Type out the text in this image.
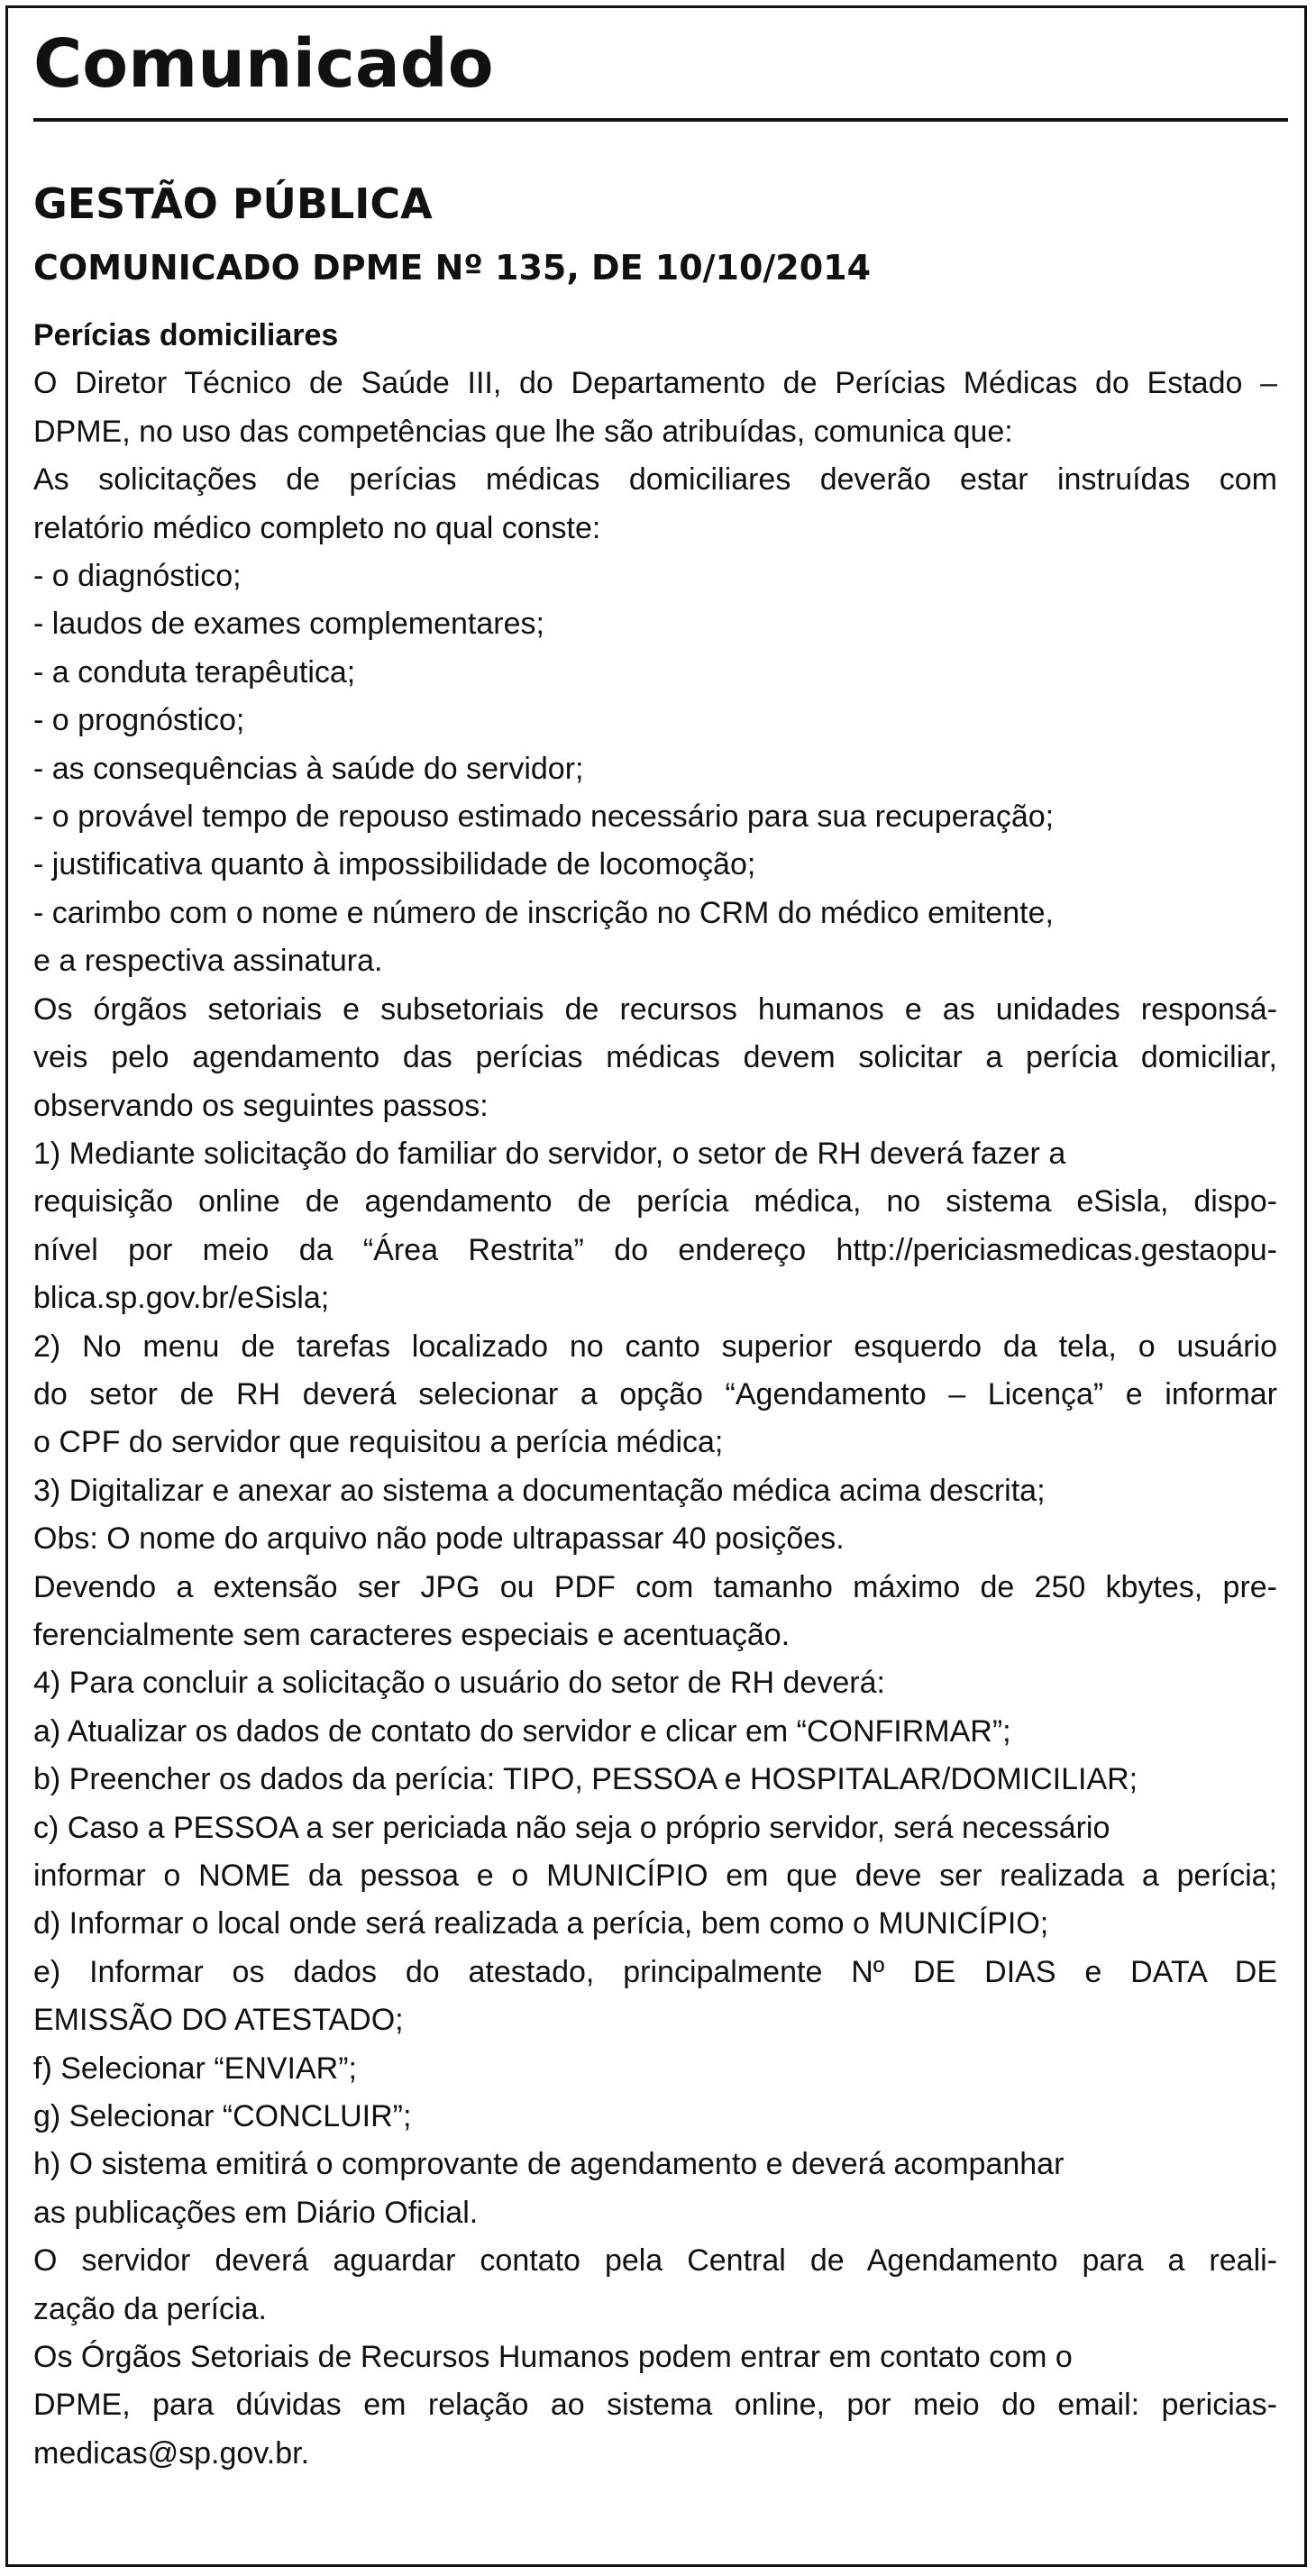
Comunicado
GESTÃO PÚBLICA
COMUNICADO DPME Nº 135, DE 10/10/2014
Perícias domiciliares
O Diretor Técnico de Saúde III, do Departamento de Perícias Médicas do Estado –
DPME, no uso das competências que lhe são atribuídas, comunica que:
As solicitações de perícias médicas domiciliares deverão estar instruídas com
relatório médico completo no qual conste:
- o diagnóstico;
- laudos de exames complementares;
- a conduta terapêutica;
- o prognóstico;
- as consequências à saúde do servidor;
- o provável tempo de repouso estimado necessário para sua recuperação;
- justificativa quanto à impossibilidade de locomoção;
- carimbo com o nome e número de inscrição no CRM do médico emitente,
e a respectiva assinatura.
Os órgãos setoriais e subsetoriais de recursos humanos e as unidades responsá-
veis pelo agendamento das perícias médicas devem solicitar a perícia domiciliar,
observando os seguintes passos:
1) Mediante solicitação do familiar do servidor, o setor de RH deverá fazer a
requisição online de agendamento de perícia médica, no sistema eSisla, dispo-
nível por meio da “Área Restrita” do endereço http://periciasmedicas.gestaopu-
blica.sp.gov.br/eSisla;
2) No menu de tarefas localizado no canto superior esquerdo da tela, o usuário
do setor de RH deverá selecionar a opção “Agendamento – Licença” e informar
o CPF do servidor que requisitou a perícia médica;
3) Digitalizar e anexar ao sistema a documentação médica acima descrita;
Obs: O nome do arquivo não pode ultrapassar 40 posições.
Devendo a extensão ser JPG ou PDF com tamanho máximo de 250 kbytes, pre-
ferencialmente sem caracteres especiais e acentuação.
4) Para concluir a solicitação o usuário do setor de RH deverá:
a) Atualizar os dados de contato do servidor e clicar em “CONFIRMAR”;
b) Preencher os dados da perícia: TIPO, PESSOA e HOSPITALAR/DOMICILIAR;
c) Caso a PESSOA a ser periciada não seja o próprio servidor, será necessário
informar o NOME da pessoa e o MUNICÍPIO em que deve ser realizada a perícia;
d) Informar o local onde será realizada a perícia, bem como o MUNICÍPIO;
e) Informar os dados do atestado, principalmente Nº DE DIAS e DATA DE
EMISSÃO DO ATESTADO;
f) Selecionar “ENVIAR”;
g) Selecionar “CONCLUIR”;
h) O sistema emitirá o comprovante de agendamento e deverá acompanhar
as publicações em Diário Oficial.
O servidor deverá aguardar contato pela Central de Agendamento para a reali-
zação da perícia.
Os Órgãos Setoriais de Recursos Humanos podem entrar em contato com o
DPME, para dúvidas em relação ao sistema online, por meio do email: pericias-
medicas@sp.gov.br.
